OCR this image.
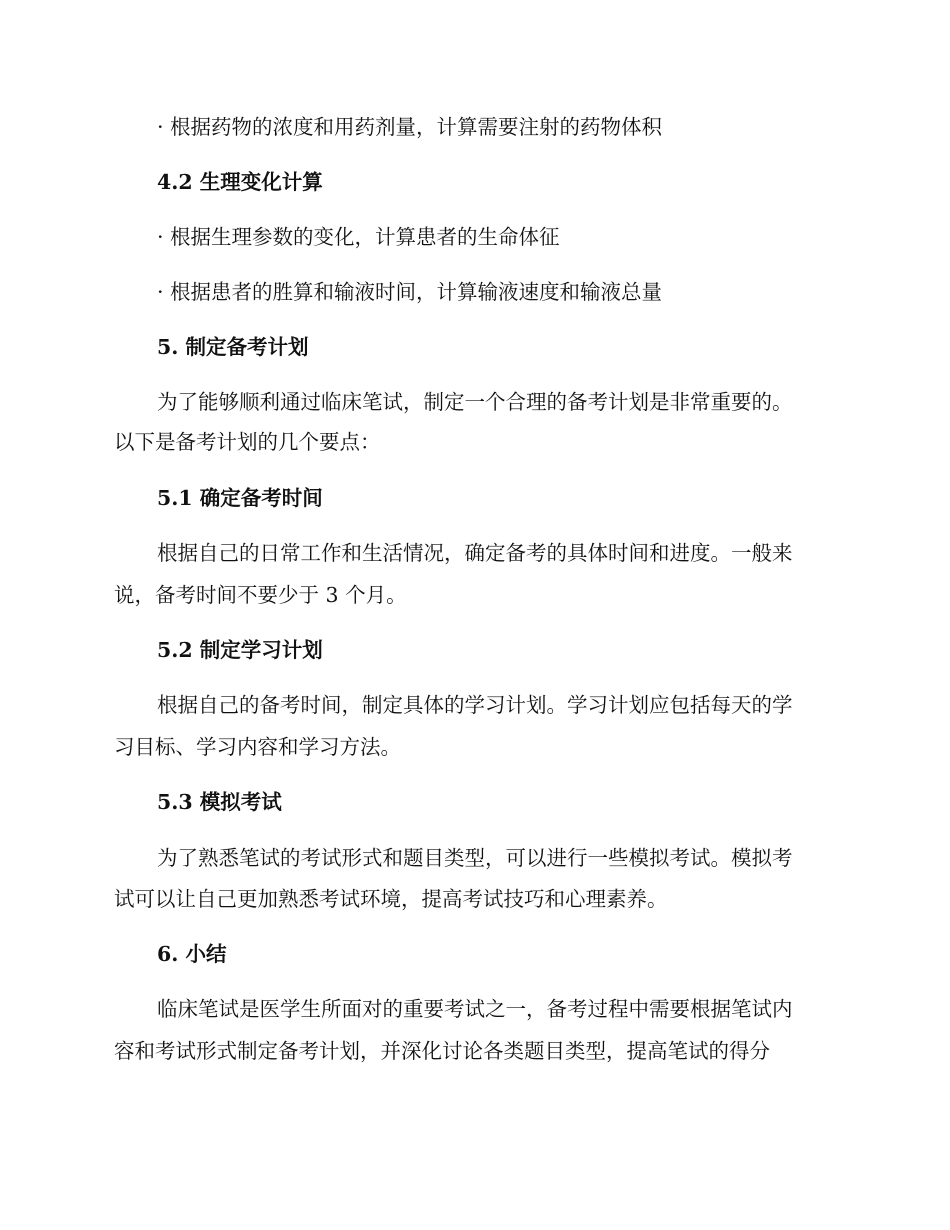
· 根据药物的浓度和用药剂量，计算需要注射的药物体积
4.2 生理变化计算
· 根据生理参数的变化，计算患者的生命体征
· 根据患者的胜算和输液时间，计算输液速度和输液总量
5. 制定备考计划
为了能够顺利通过临床笔试，制定一个合理的备考计划是非常重要的。
以下是备考计划的几个要点：
5.1 确定备考时间
根据自己的日常工作和生活情况，确定备考的具体时间和进度。一般来
说，备考时间不要少于 3 个月。
5.2 制定学习计划
根据自己的备考时间，制定具体的学习计划。学习计划应包括每天的学
习目标、学习内容和学习方法。
5.3 模拟考试
为了熟悉笔试的考试形式和题目类型，可以进行一些模拟考试。模拟考
试可以让自己更加熟悉考试环境，提高考试技巧和心理素养。
6. 小结
临床笔试是医学生所面对的重要考试之一，备考过程中需要根据笔试内
容和考试形式制定备考计划，并深化讨论各类题目类型，提高笔试的得分
